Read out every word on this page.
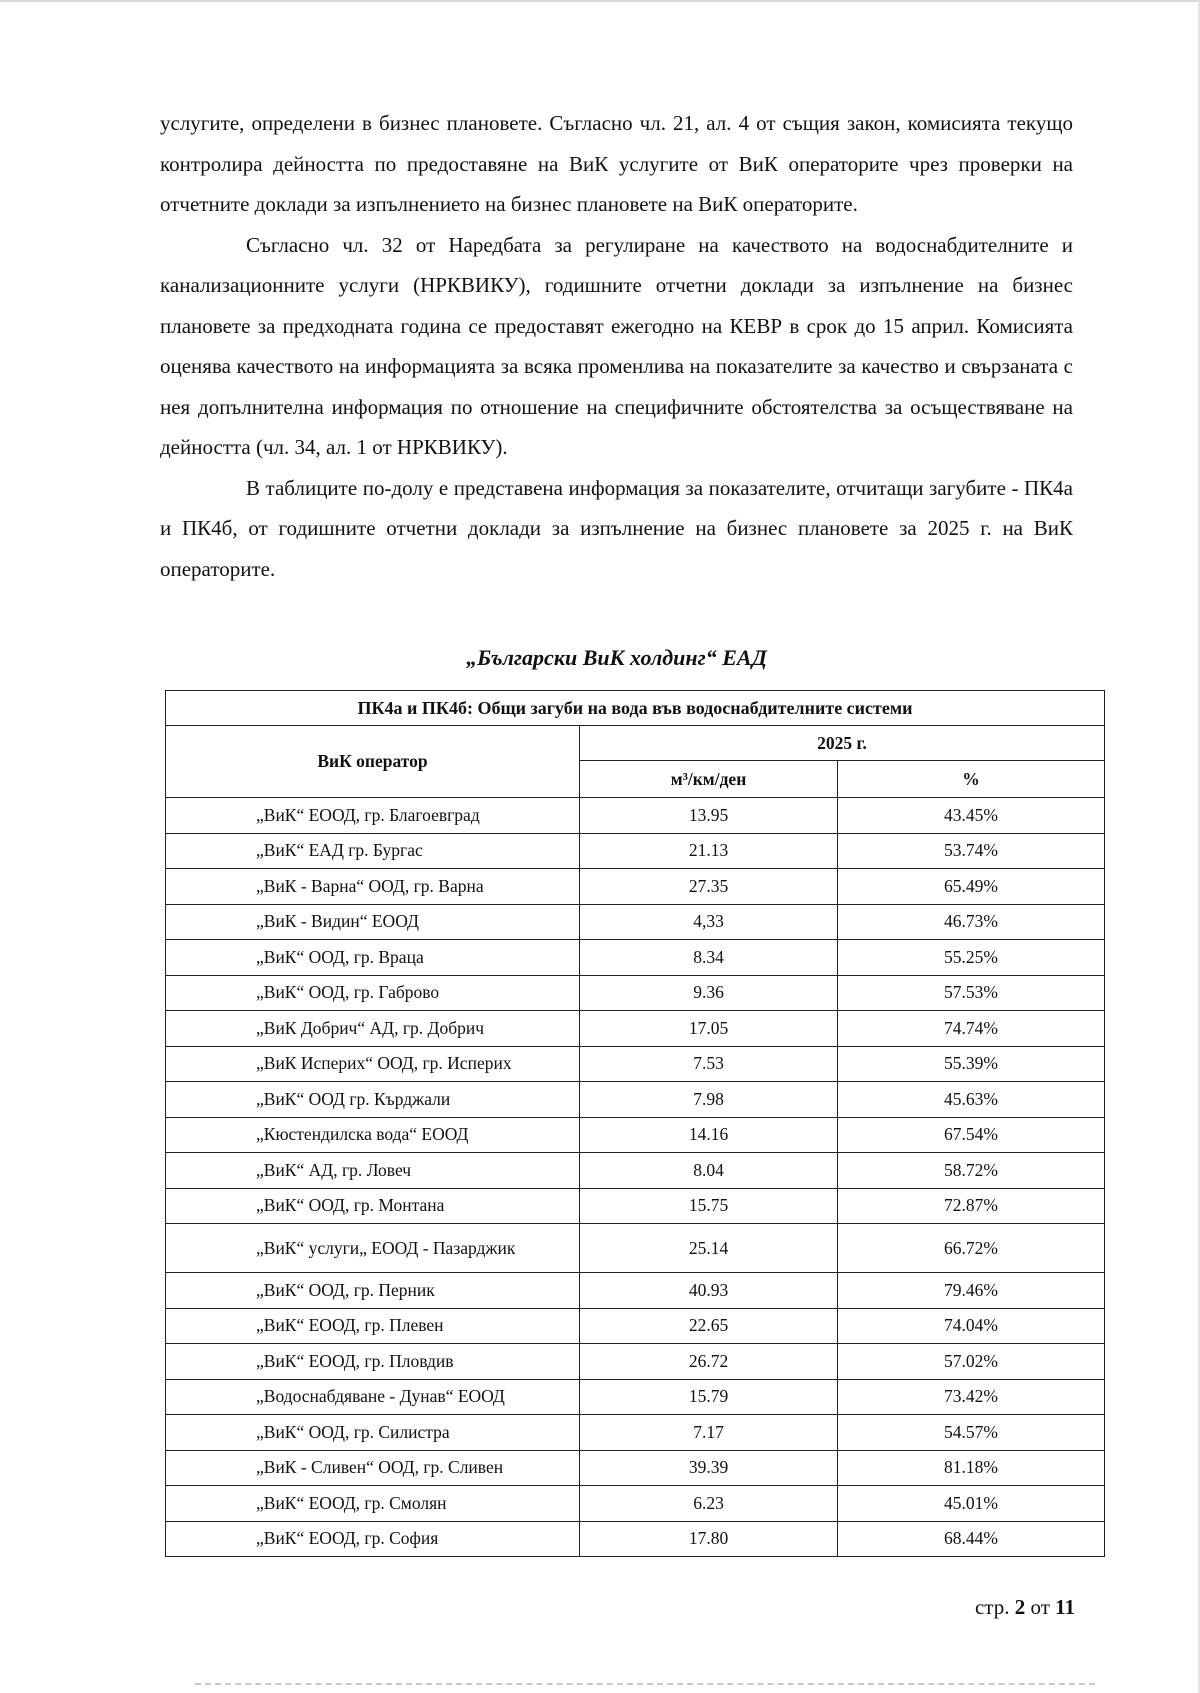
услугите, определени в бизнес плановете. Съгласно чл. 21, ал. 4 от същия закон, комисията текущо контролира дейността по предоставяне на ВиК услугите от ВиК операторите чрез проверки на отчетните доклади за изпълнението на бизнес плановете на ВиК операторите.

Съгласно чл. 32 от Наредбата за регулиране на качеството на водоснабдителните и канализационните услуги (НРКВИКУ), годишните отчетни доклади за изпълнение на бизнес плановете за предходната година се предоставят ежегодно на КЕВР в срок до 15 април. Комисията оценява качеството на информацията за всяка променлива на показателите за качество и свързаната с нея допълнителна информация по отношение на специфичните обстоятелства за осъществяване на дейността (чл. 34, ал. 1 от НРКВИКУ).

В таблиците по-долу е представена информация за показателите, отчитащи загубите - ПК4а и ПК4б, от годишните отчетни доклади за изпълнение на бизнес плановете за 2025 г. на ВиК операторите.

„Български ВиК холдинг“ ЕАД
ПК4а и ПК4б: Общи загуби на вода във водоснабдителните системи		
ВиК оператор	2025 г.	
	м³/км/ден	%
„ВиК“ ЕООД, гр. Благоевград	13.95	43.45%
„ВиК“ ЕАД гр. Бургас	21.13	53.74%
„ВиК - Варна“ ООД, гр. Варна	27.35	65.49%
„ВиК - Видин“ ЕООД	4,33	46.73%
„ВиК“ ООД, гр. Враца	8.34	55.25%
„ВиК“ ООД, гр. Габрово	9.36	57.53%
„ВиК Добрич“ АД, гр. Добрич	17.05	74.74%
„ВиК Исперих“ ООД, гр. Исперих	7.53	55.39%
„ВиК“ ООД гр. Кърджали	7.98	45.63%
„Кюстендилска вода“ ЕООД	14.16	67.54%
„ВиК“ АД, гр. Ловеч	8.04	58.72%
„ВиК“ ООД, гр. Монтана	15.75	72.87%
„ВиК“ услуги„ ЕООД - Пазарджик	25.14	66.72%
„ВиК“ ООД, гр. Перник	40.93	79.46%
„ВиК“ ЕООД, гр. Плевен	22.65	74.04%
„ВиК“ ЕООД, гр. Пловдив	26.72	57.02%
„Водоснабдяване - Дунав“ ЕООД	15.79	73.42%
„ВиК“ ООД, гр. Силистра	7.17	54.57%
„ВиК - Сливен“ ООД, гр. Сливен	39.39	81.18%
„ВиК“ ЕООД, гр. Смолян	6.23	45.01%
„ВиК“ ЕООД, гр. София	17.80	68.44%
стр. 2 от 11
